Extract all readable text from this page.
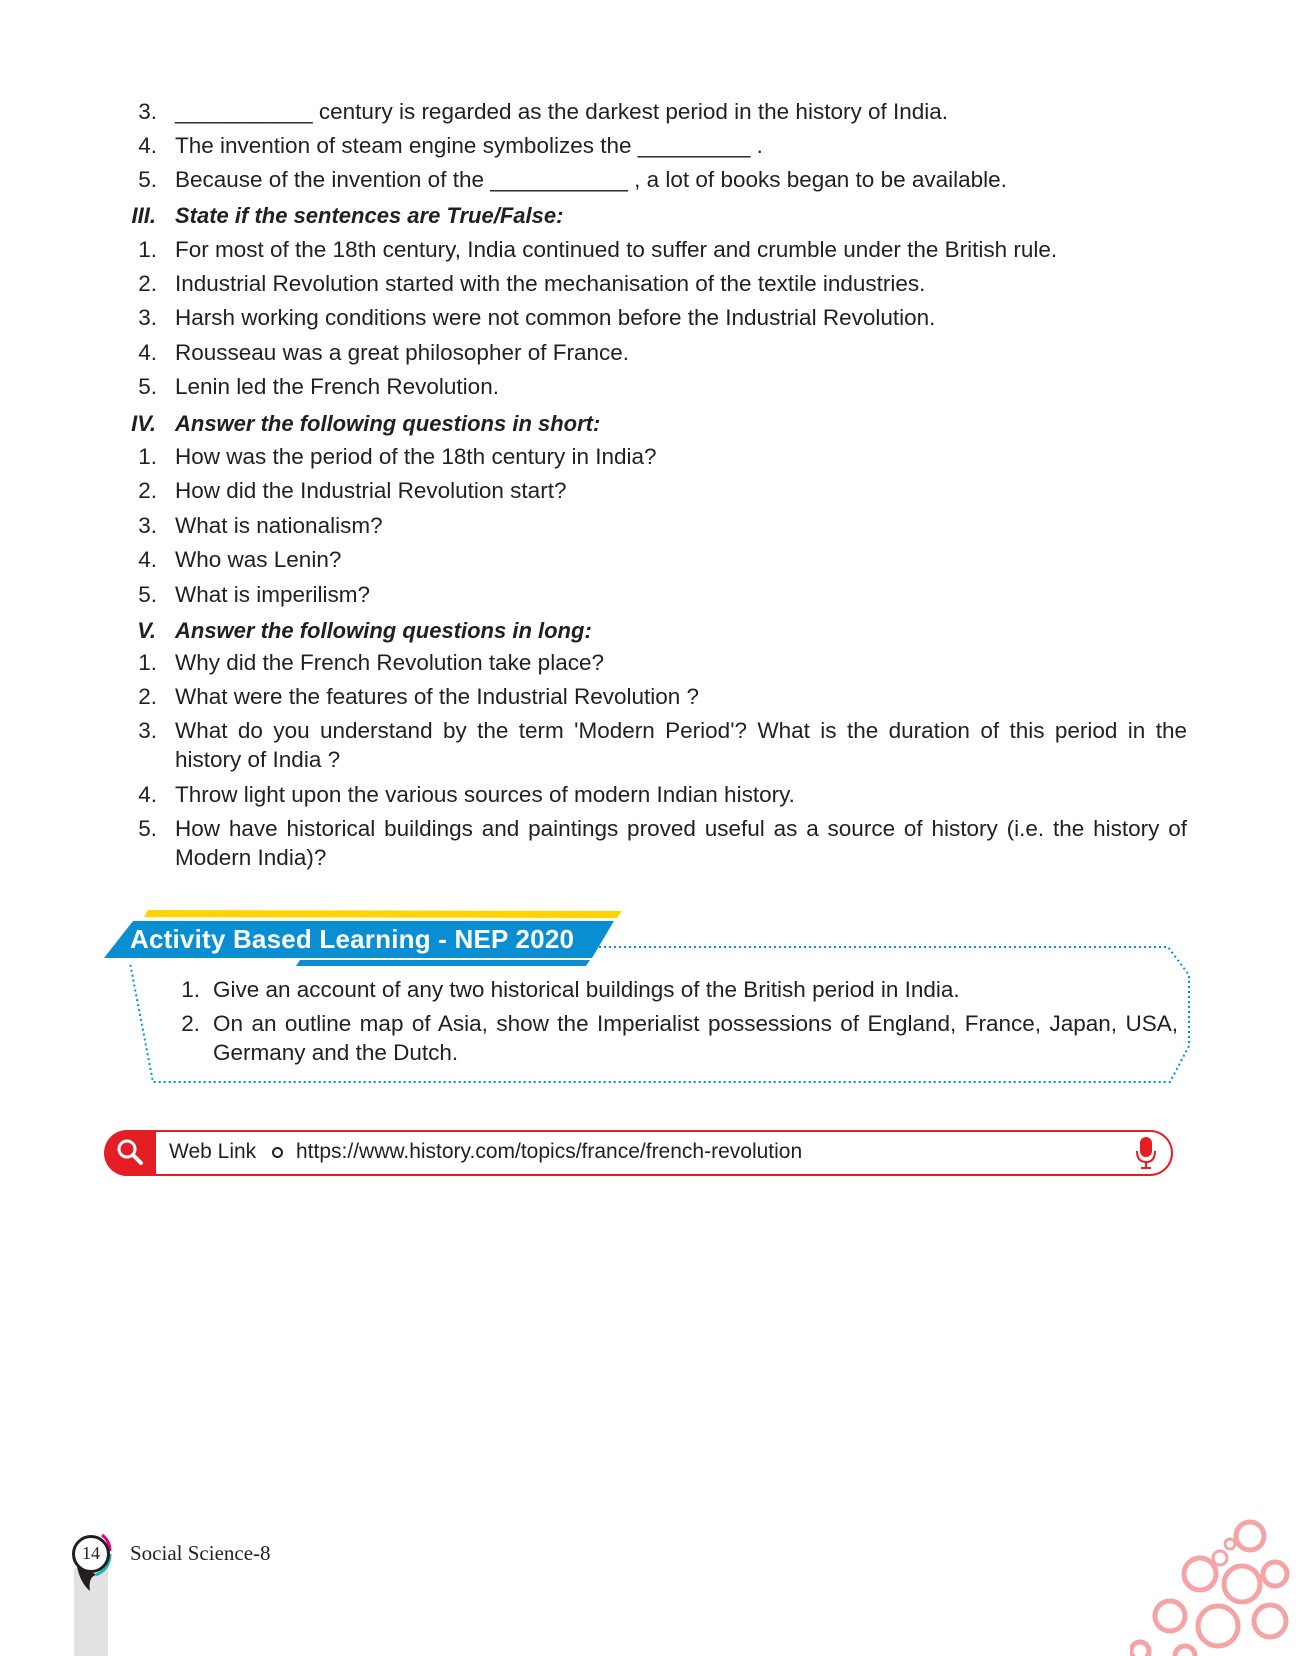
3. ___________ century is regarded as the darkest period in the history of India.
4. The invention of steam engine symbolizes the _________ .
5. Because of the invention of the ___________ , a lot of books began to be available.
III. State if the sentences are True/False:
1. For most of the 18th century, India continued to suffer and crumble under the British rule.
2. Industrial Revolution started with the mechanisation of the textile industries.
3. Harsh working conditions were not common before the Industrial Revolution.
4. Rousseau was a great philosopher of France.
5. Lenin led the French Revolution.
IV. Answer the following questions in short:
1. How was the period of the 18th century in India?
2. How did the Industrial Revolution start?
3. What is nationalism?
4. Who was Lenin?
5. What is imperilism?
V. Answer the following questions in long:
1. Why did the French Revolution take place?
2. What were the features of the Industrial Revolution ?
3. What do you understand by the term 'Modern Period'? What is the duration of this period in the history of India ?
4. Throw light upon the various sources of modern Indian history.
5. How have historical buildings and paintings proved useful as a source of history (i.e. the history of Modern India)?
Activity Based Learning - NEP 2020
1. Give an account of any two historical buildings of the British period in India.
2. On an outline map of Asia, show the Imperialist possessions of England, France, Japan, USA, Germany and the Dutch.
Web Link https://www.history.com/topics/france/french-revolution
14	Social Science-8
